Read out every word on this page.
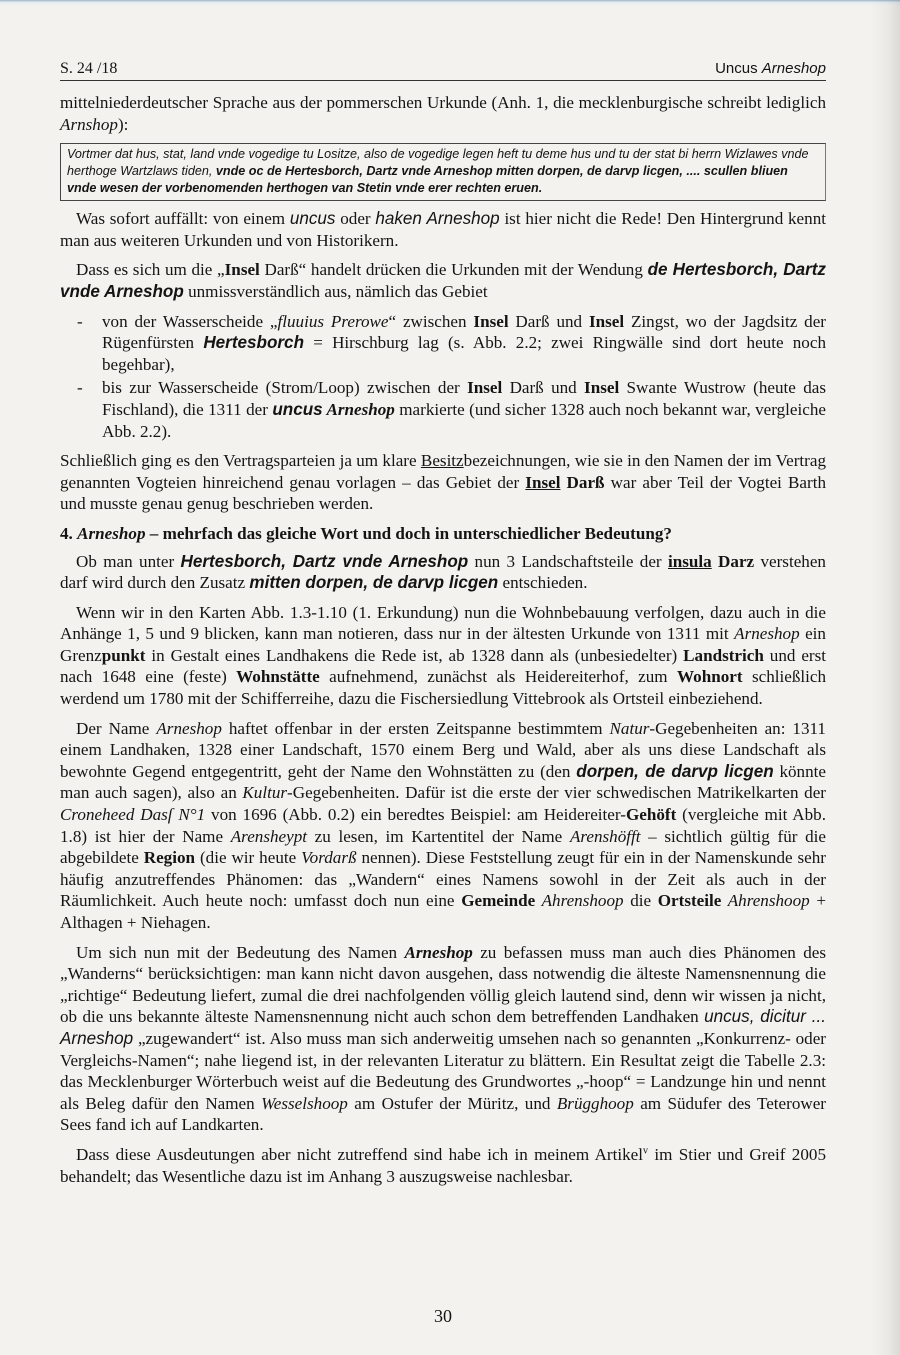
S. 24 /18	Uncus Arneshop

mittelniederdeutscher Sprache aus der pommerschen Urkunde (Anh. 1, die mecklenburgische schreibt lediglich Arnshop):

Vortmer dat hus, stat, land vnde vogedige tu Lositze, also de vogedige legen heft tu deme hus und tu der stat bi herrn Wizlawes vnde herthoge Wartzlaws tiden, vnde oc de Hertesborch, Dartz vnde Arneshop mitten dorpen, de darvp licgen, .... scullen bliuen vnde wesen der vorbenomenden herthogen van Stetin vnde erer rechten eruen.

Was sofort auffällt: von einem uncus oder haken Arneshop ist hier nicht die Rede! Den Hintergrund kennt man aus weiteren Urkunden und von Historikern.

Dass es sich um die „Insel Darß“ handelt drücken die Urkunden mit der Wendung de Hertesborch, Dartz vnde Arneshop unmissverständlich aus, nämlich das Gebiet

- von der Wasserscheide „fluuius Prerowe“ zwischen Insel Darß und Insel Zingst, wo der Jagdsitz der Rügenfürsten Hertesborch = Hirschburg lag (s. Abb. 2.2; zwei Ringwälle sind dort heute noch begehbar),
- bis zur Wasserscheide (Strom/Loop) zwischen der Insel Darß und Insel Swante Wustrow (heute das Fischland), die 1311 der uncus Arneshop markierte (und sicher 1328 auch noch bekannt war, vergleiche Abb. 2.2).

Schließlich ging es den Vertragsparteien ja um klare Besitzbezeichnungen, wie sie in den Namen der im Vertrag genannten Vogteien hinreichend genau vorlagen – das Gebiet der Insel Darß war aber Teil der Vogtei Barth und musste genau genug beschrieben werden.

4. Arneshop – mehrfach das gleiche Wort und doch in unterschiedlicher Bedeutung?

Ob man unter Hertesborch, Dartz vnde Arneshop nun 3 Landschaftsteile der insula Darz verstehen darf wird durch den Zusatz mitten dorpen, de darvp licgen entschieden.

Wenn wir in den Karten Abb. 1.3-1.10 (1. Erkundung) nun die Wohnbebauung verfolgen, dazu auch in die Anhänge 1, 5 und 9 blicken, kann man notieren, dass nur in der ältesten Urkunde von 1311 mit Arneshop ein Grenzpunkt in Gestalt eines Landhakens die Rede ist, ab 1328 dann als (unbesiedelter) Landstrich und erst nach 1648 eine (feste) Wohnstätte aufnehmend, zunächst als Heidereiterhof, zum Wohnort schließlich werdend um 1780 mit der Schifferreihe, dazu die Fischersiedlung Vittebrook als Ortsteil einbeziehend.

Der Name Arneshop haftet offenbar in der ersten Zeitspanne bestimmtem Natur-Gegebenheiten an: 1311 einem Landhaken, 1328 einer Landschaft, 1570 einem Berg und Wald, aber als uns diese Landschaft als bewohnte Gegend entgegentritt, geht der Name den Wohnstätten zu (den dorpen, de darvp licgen könnte man auch sagen), also an Kultur-Gegebenheiten. Dafür ist die erste der vier schwedischen Matrikelkarten der Croneheed Dasſ N°1 von 1696 (Abb. 0.2) ein beredtes Beispiel: am Heidereiter-Gehöft (vergleiche mit Abb. 1.8) ist hier der Name Arensheypt zu lesen, im Kartentitel der Name Arenshöfft – sichtlich gültig für die abgebildete Region (die wir heute Vordarß nennen). Diese Feststellung zeugt für ein in der Namenskunde sehr häufig anzutreffendes Phänomen: das „Wandern“ eines Namens sowohl in der Zeit als auch in der Räumlichkeit. Auch heute noch: umfasst doch nun eine Gemeinde Ahrenshoop die Ortsteile Ahrenshoop + Althagen + Niehagen.

Um sich nun mit der Bedeutung des Namen Arneshop zu befassen muss man auch dies Phänomen des „Wanderns“ berücksichtigen: man kann nicht davon ausgehen, dass notwendig die älteste Namensnennung die „richtige“ Bedeutung liefert, zumal die drei nachfolgenden völlig gleich lautend sind, denn wir wissen ja nicht, ob die uns bekannte älteste Namensnennung nicht auch schon dem betreffenden Landhaken uncus, dicitur ... Arneshop „zugewandert“ ist. Also muss man sich anderweitig umsehen nach so genannten „Konkurrenz- oder Vergleichs-Namen“; nahe liegend ist, in der relevanten Literatur zu blättern. Ein Resultat zeigt die Tabelle 2.3: das Mecklenburger Wörterbuch weist auf die Bedeutung des Grundwortes „-hoop“ = Landzunge hin und nennt als Beleg dafür den Namen Wesselshoop am Ostufer der Müritz, und Brügghoop am Südufer des Teterower Sees fand ich auf Landkarten.

Dass diese Ausdeutungen aber nicht zutreffend sind habe ich in meinem Artikel$^v$ im Stier und Greif 2005 behandelt; das Wesentliche dazu ist im Anhang 3 auszugsweise nachlesbar.

30
